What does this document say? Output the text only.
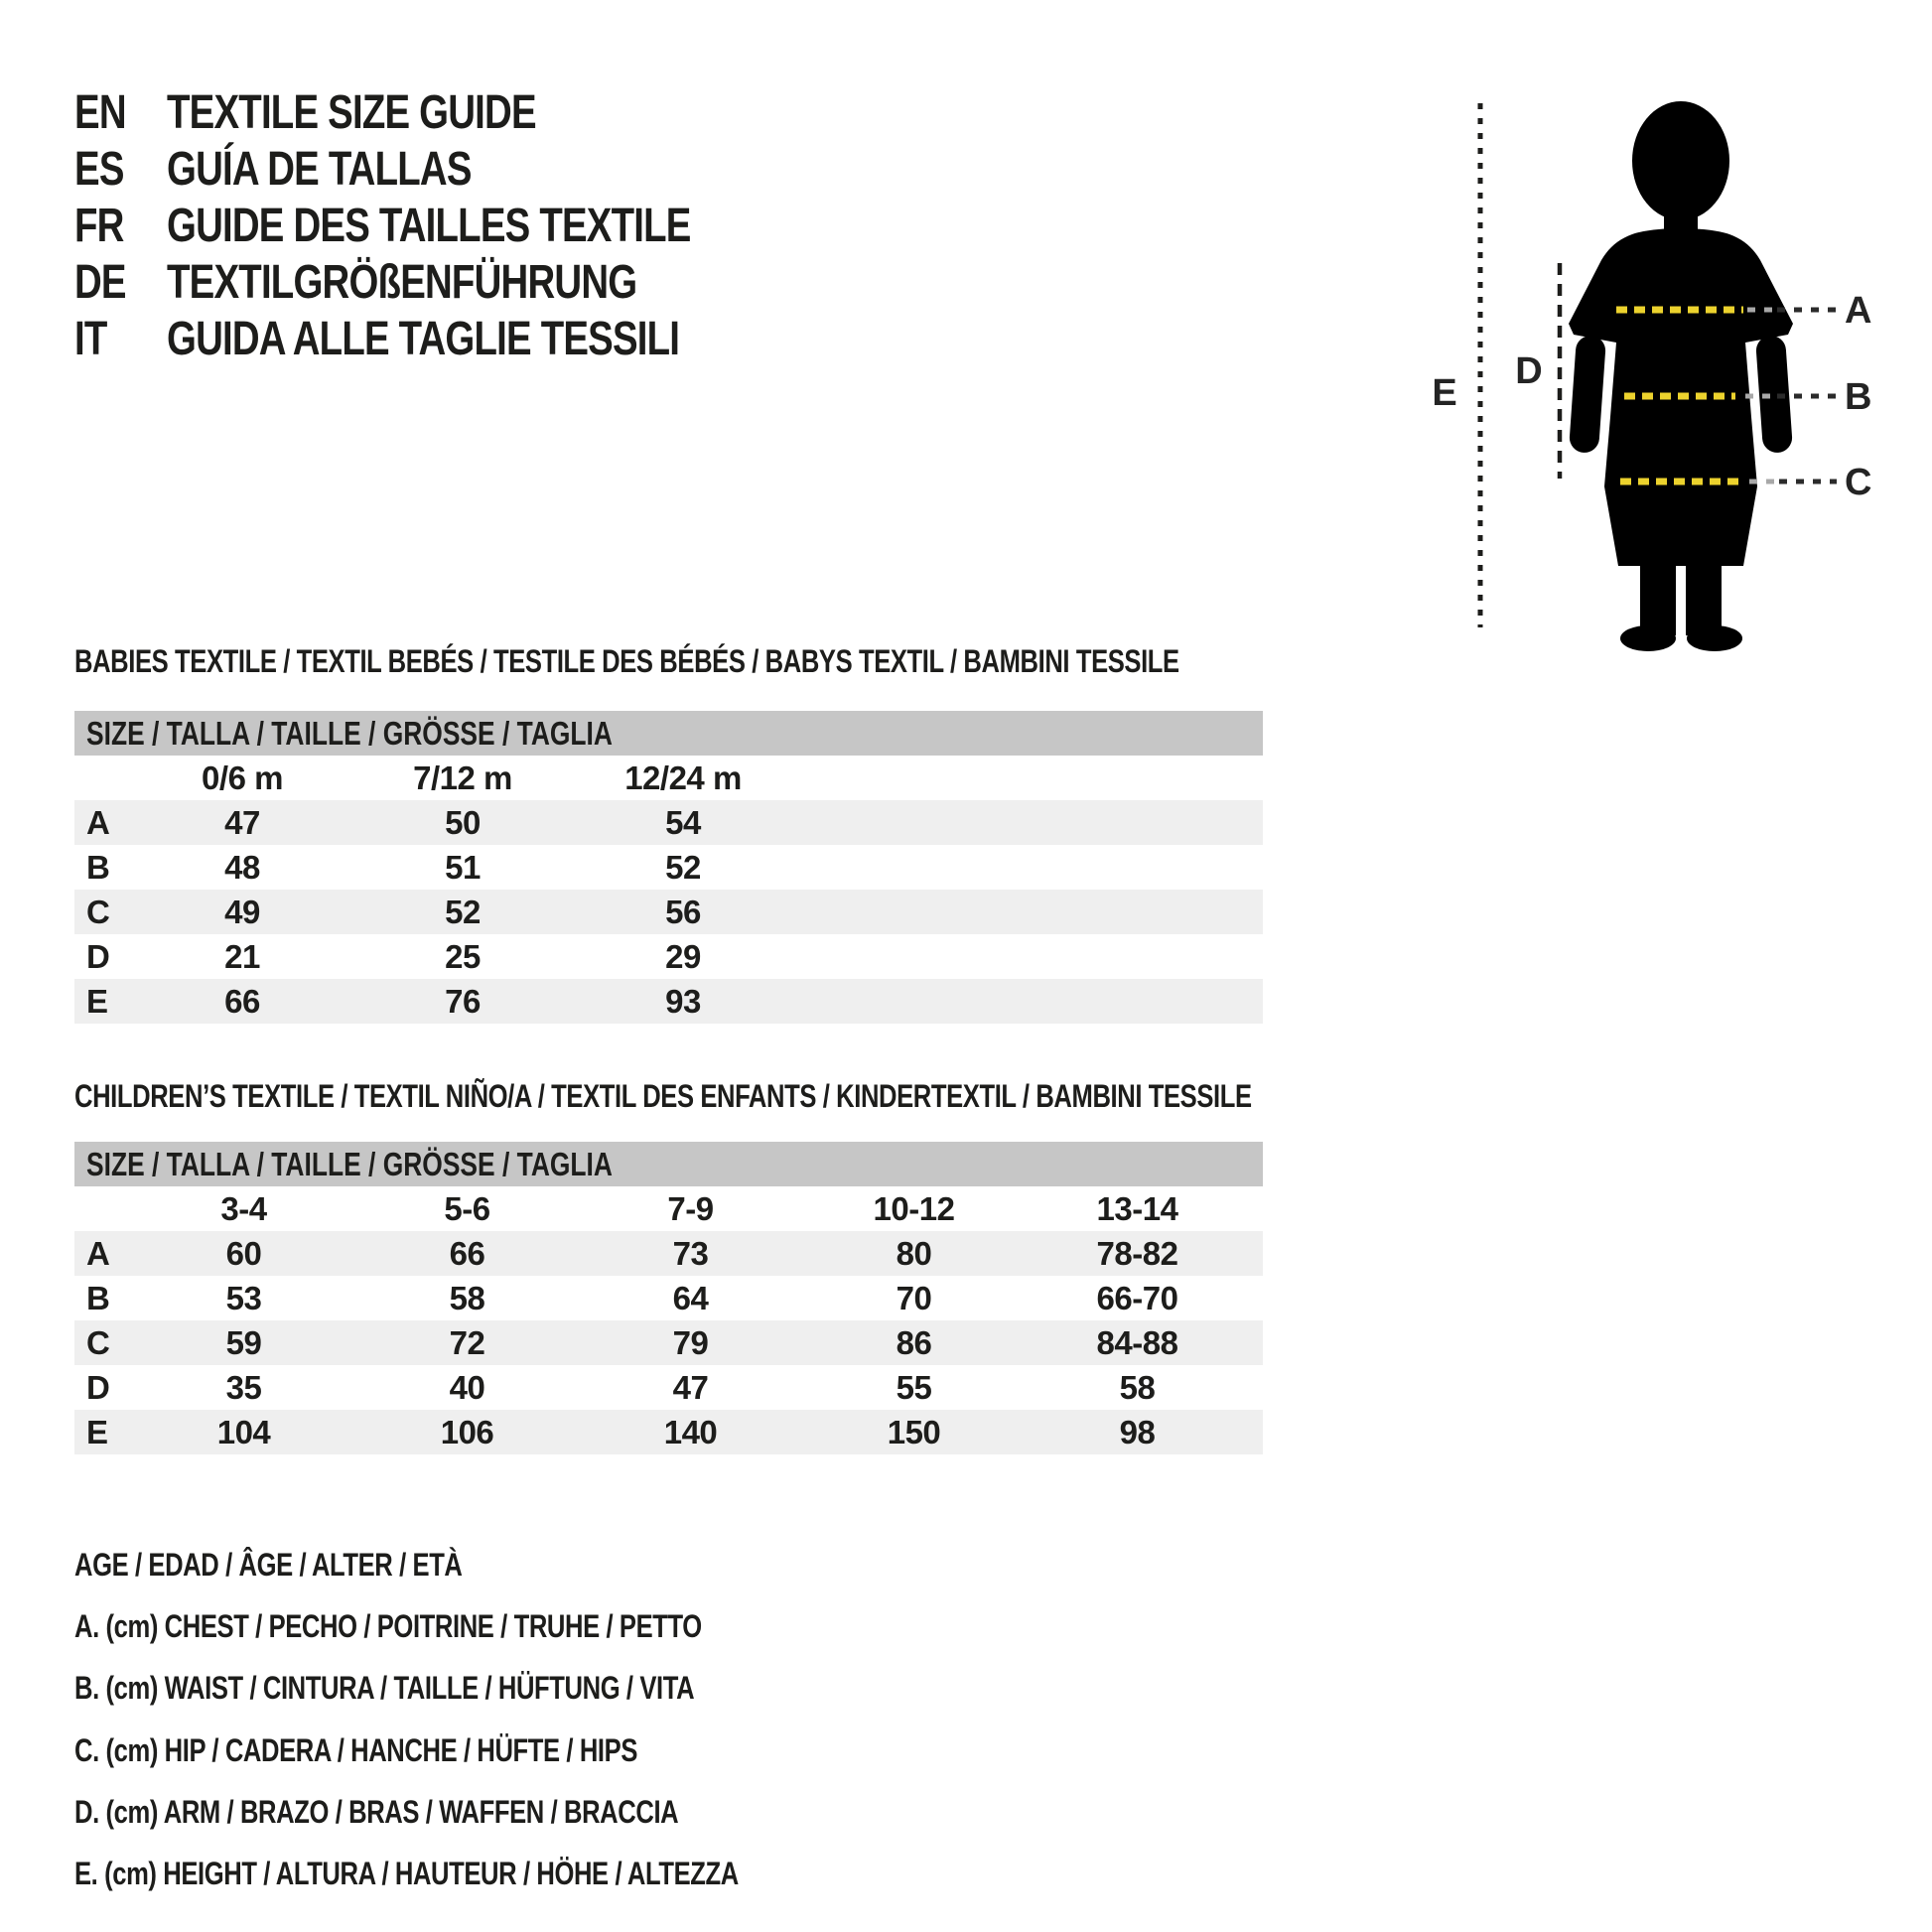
EN TEXTILE SIZE GUIDE
ES GUÍA DE TALLAS
FR GUIDE DES TAILLES TEXTILE
DE TEXTILGRÖßENFÜHRUNG
IT GUIDA ALLE TAGLIE TESSILI
E
D
A
B
C
BABIES TEXTILE / TEXTIL BEBÉS / TESTILE DES BÉBÉS / BABYS TEXTIL / BAMBINI TESSILE
SIZE / TALLA / TAILLE / GRÖSSE / TAGLIA
	0/6 m	7/12 m	12/24 m	
A	47	50	54	
B	48	51	52	
C	49	52	56	
D	21	25	29	
E	66	76	93	
CHILDREN’S TEXTILE / TEXTIL NIÑO/A / TEXTIL DES ENFANTS / KINDERTEXTIL / BAMBINI TESSILE
SIZE / TALLA / TAILLE / GRÖSSE / TAGLIA
	3-4	5-6	7-9	10-12	13-14	
A	60	66	73	80	78-82	
B	53	58	64	70	66-70	
C	59	72	79	86	84-88	
D	35	40	47	55	58	
E	104	106	140	150	98	
AGE / EDAD / ÂGE / ALTER / ETÀ
A. (cm) CHEST / PECHO / POITRINE / TRUHE / PETTO
B. (cm) WAIST / CINTURA / TAILLE / HÜFTUNG / VITA
C. (cm) HIP / CADERA / HANCHE / HÜFTE / HIPS
D. (cm) ARM / BRAZO / BRAS / WAFFEN / BRACCIA
E. (cm) HEIGHT / ALTURA / HAUTEUR / HÖHE / ALTEZZA
